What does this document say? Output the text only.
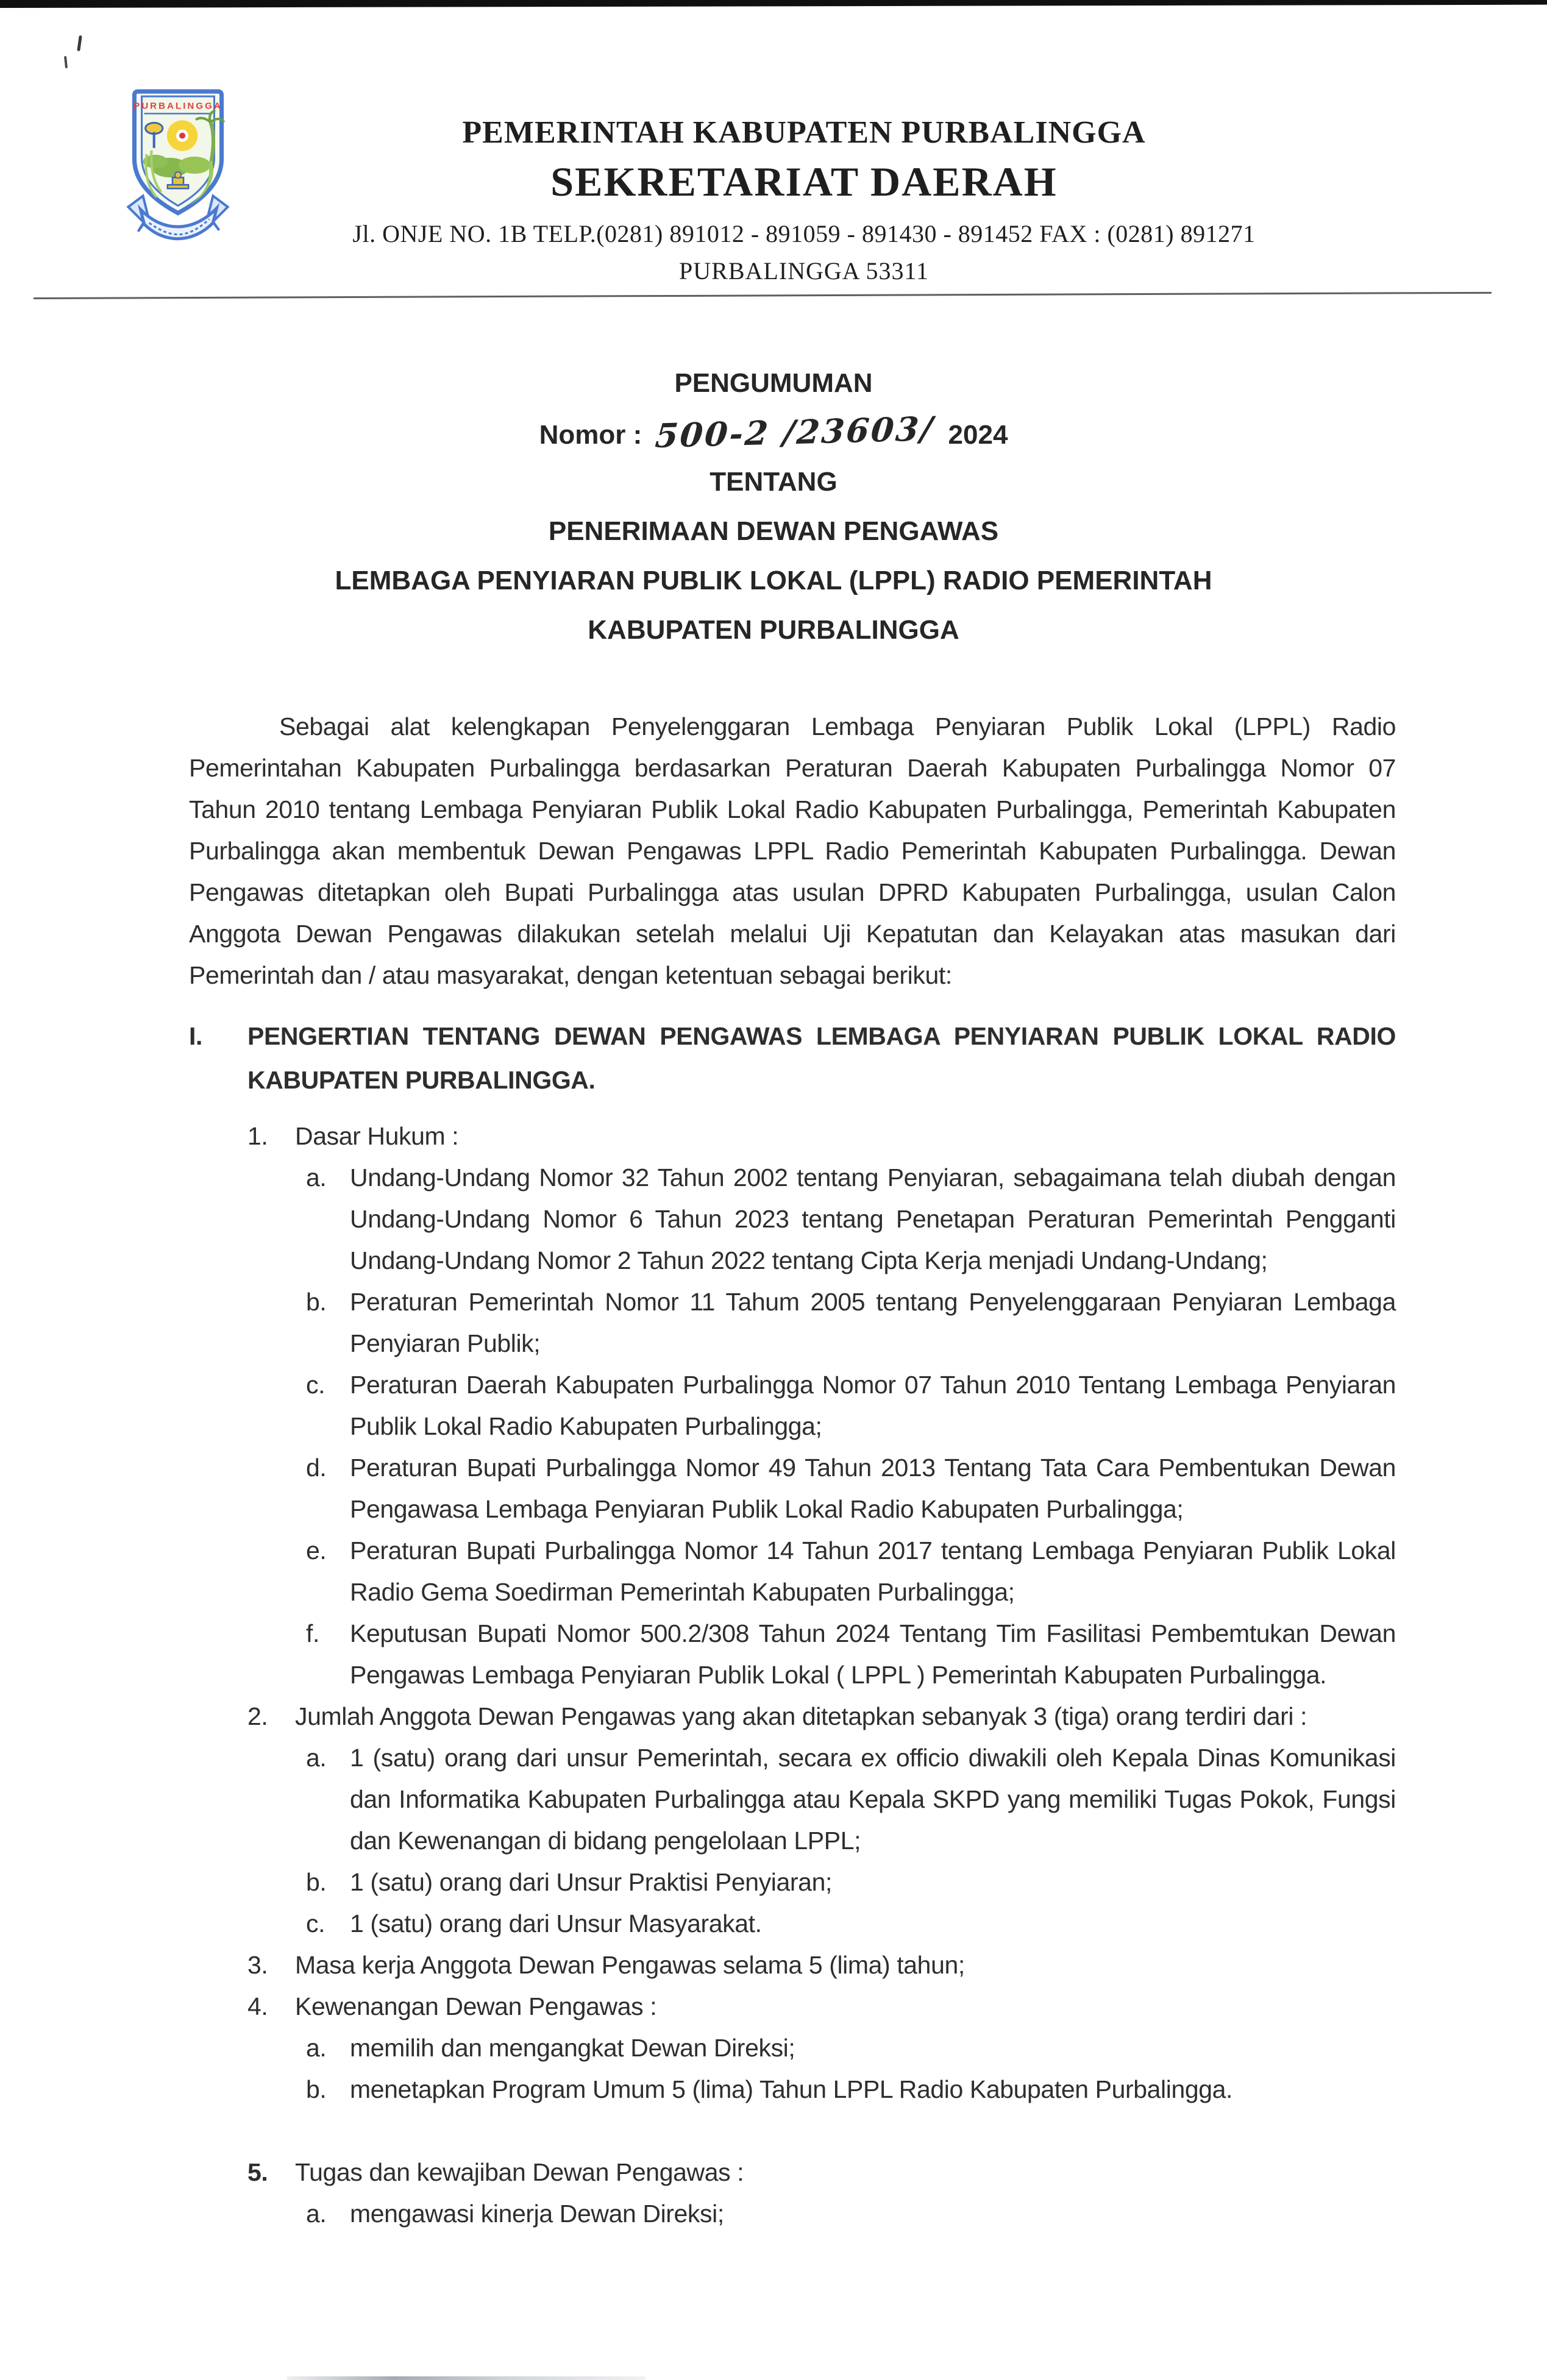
PURBALINGGA
PEMERINTAH KABUPATEN PURBALINGGA
SEKRETARIAT DAERAH
Jl. ONJE NO. 1B TELP.(0281) 891012 - 891059 - 891430 - 891452 FAX : (0281) 891271
PURBALINGGA 53311
PENGUMUMAN
Nomor : 500-2 /23603/ 2024
TENTANG
PENERIMAAN DEWAN PENGAWAS
LEMBAGA PENYIARAN PUBLIK LOKAL (LPPL) RADIO PEMERINTAH
KABUPATEN PURBALINGGA
Sebagai alat kelengkapan Penyelenggaran Lembaga Penyiaran Publik Lokal (LPPL) Radio Pemerintahan Kabupaten Purbalingga berdasarkan Peraturan Daerah Kabupaten Purbalingga Nomor 07 Tahun 2010 tentang Lembaga Penyiaran Publik Lokal Radio Kabupaten Purbalingga, Pemerintah Kabupaten Purbalingga akan membentuk Dewan Pengawas LPPL Radio Pemerintah Kabupaten Purbalingga. Dewan Pengawas ditetapkan oleh Bupati Purbalingga atas usulan DPRD Kabupaten Purbalingga, usulan Calon Anggota Dewan Pengawas dilakukan setelah melalui Uji Kepatutan dan Kelayakan atas masukan dari Pemerintah dan / atau masyarakat, dengan ketentuan sebagai berikut:
I.	PENGERTIAN TENTANG DEWAN PENGAWAS LEMBAGA PENYIARAN PUBLIK LOKAL RADIO
KABUPATEN PURBALINGGA.
1.	Dasar Hukum :
a. Undang-Undang Nomor 32 Tahun 2002 tentang Penyiaran, sebagaimana telah diubah dengan Undang-Undang Nomor 6 Tahun 2023 tentang Penetapan Peraturan Pemerintah Pengganti Undang-Undang Nomor 2 Tahun 2022 tentang Cipta Kerja menjadi Undang-Undang;
b. Peraturan Pemerintah Nomor 11 Tahum 2005 tentang Penyelenggaraan Penyiaran Lembaga Penyiaran Publik;
c. Peraturan Daerah Kabupaten Purbalingga Nomor 07 Tahun 2010 Tentang Lembaga Penyiaran Publik Lokal Radio Kabupaten Purbalingga;
d. Peraturan Bupati Purbalingga Nomor 49 Tahun 2013 Tentang Tata Cara Pembentukan Dewan Pengawasa Lembaga Penyiaran Publik Lokal Radio Kabupaten Purbalingga;
e. Peraturan Bupati Purbalingga Nomor 14 Tahun 2017 tentang Lembaga Penyiaran Publik Lokal Radio Gema Soedirman Pemerintah Kabupaten Purbalingga;
f.	Keputusan Bupati Nomor 500.2/308 Tahun 2024 Tentang Tim Fasilitasi Pembemtukan Dewan Pengawas Lembaga Penyiaran Publik Lokal ( LPPL ) Pemerintah Kabupaten Purbalingga.
2.	Jumlah Anggota Dewan Pengawas yang akan ditetapkan sebanyak 3 (tiga) orang terdiri dari :
a. 1 (satu) orang dari unsur Pemerintah, secara ex officio diwakili oleh Kepala Dinas Komunikasi dan Informatika Kabupaten Purbalingga atau Kepala SKPD yang memiliki Tugas Pokok, Fungsi dan Kewenangan di bidang pengelolaan LPPL;
b. 1 (satu) orang dari Unsur Praktisi Penyiaran;
c. 1 (satu) orang dari Unsur Masyarakat.
3.	Masa kerja Anggota Dewan Pengawas selama 5 (lima) tahun;
4.	Kewenangan Dewan Pengawas :
a. memilih dan mengangkat Dewan Direksi;
b. menetapkan Program Umum 5 (lima) Tahun LPPL Radio Kabupaten Purbalingga.
5.	Tugas dan kewajiban Dewan Pengawas :
a. mengawasi kinerja Dewan Direksi;
